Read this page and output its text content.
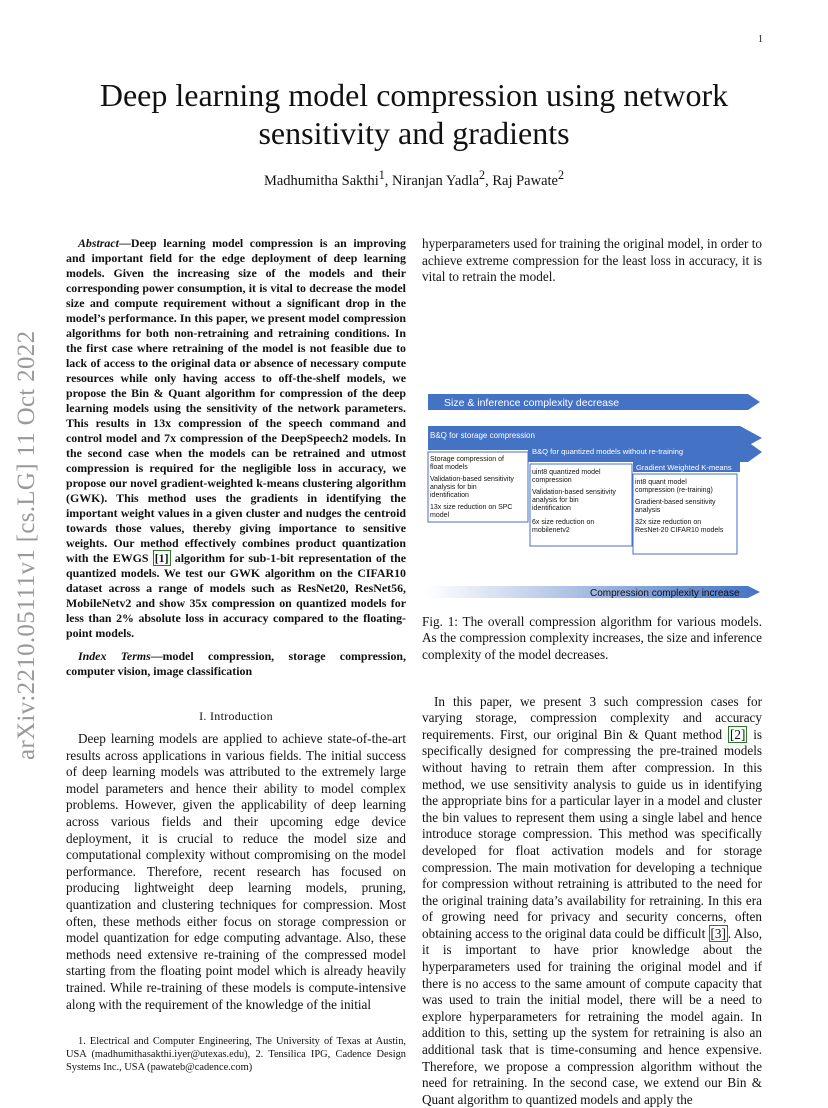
1
Deep learning model compression using network sensitivity and gradients
Madhumitha Sakthi$^1$, Niranjan Yadla$^2$, Raj Pawate$^2$
arXiv:2210.05111v1 [cs.LG] 11 Oct 2022
Abstract—Deep learning model compression is an improving and important field for the edge deployment of deep learning models. Given the increasing size of the models and their corresponding power consumption, it is vital to decrease the model size and compute requirement without a significant drop in the model’s performance. In this paper, we present model compression algorithms for both non-retraining and retraining conditions. In the first case where retraining of the model is not feasible due to lack of access to the original data or absence of necessary compute resources while only having access to off-the-shelf models, we propose the Bin & Quant algorithm for compression of the deep learning models using the sensitivity of the network parameters. This results in 13x compression of the speech command and control model and 7x compression of the DeepSpeech2 models. In the second case when the models can be retrained and utmost compression is required for the negligible loss in accuracy, we propose our novel gradient-weighted k-means clustering algorithm (GWK). This method uses the gradients in identifying the important weight values in a given cluster and nudges the centroid towards those values, thereby giving importance to sensitive weights. Our method effectively combines product quantization with the EWGS [1] algorithm for sub-1-bit representation of the quantized models. We test our GWK algorithm on the CIFAR10 dataset across a range of models such as ResNet20, ResNet56, MobileNetv2 and show 35x compression on quantized models for less than 2% absolute loss in accuracy compared to the floating-point models.
Index Terms—model compression, storage compression, computer vision, image classification
I. Introduction
Deep learning models are applied to achieve state-of-the-art results across applications in various fields. The initial success of deep learning models was attributed to the extremely large model parameters and hence their ability to model complex problems. However, given the applicability of deep learning across various fields and their upcoming edge device deployment, it is crucial to reduce the model size and computational complexity without compromising on the model performance. Therefore, recent research has focused on producing lightweight deep learning models, pruning, quantization and clustering techniques for compression. Most often, these methods either focus on storage compression or model quantization for edge computing advantage. Also, these methods need extensive re-training of the compressed model starting from the floating point model which is already heavily trained. While re-training of these models is compute-intensive along with the requirement of the knowledge of the initial
1. Electrical and Computer Engineering, The University of Texas at Austin, USA (madhumithasakthi.iyer@utexas.edu), 2. Tensilica IPG, Cadence Design Systems Inc., USA (pawateb@cadence.com)
hyperparameters used for training the original model, in order to achieve extreme compression for the least loss in accuracy, it is vital to retrain the model.
Size & inference complexity decrease
B&Q for storage compression
B&Q for quantized models without re-training
Gradient Weighted K-means
Storage compression of
float models
Validation-based sensitivity
analysis for bin
identification
13x size reduction on SPC
model
uint8 quantized model
compression
Validation-based sensitivity
analysis for bin
identification
6x size reduction on
mobilenetv2
int8 quant model
compression (re-training)
Gradient-based sensitivity
analysis
32x size reduction on
ResNet-20 CIFAR10 models
Compression complexity increase
Fig. 1: The overall compression algorithm for various models. As the compression complexity increases, the size and inference complexity of the model decreases.
In this paper, we present 3 such compression cases for varying storage, compression complexity and accuracy requirements. First, our original Bin & Quant method [2] is specifically designed for compressing the pre-trained models without having to retrain them after compression. In this method, we use sensitivity analysis to guide us in identifying the appropriate bins for a particular layer in a model and cluster the bin values to represent them using a single label and hence introduce storage compression. This method was specifically developed for float activation models and for storage compression. The main motivation for developing a technique for compression without retraining is attributed to the need for the original training data’s availability for retraining. In this era of growing need for privacy and security concerns, often obtaining access to the original data could be difficult [3] . Also, it is important to have prior knowledge about the hyperparameters used for training the original model and if there is no access to the same amount of compute capacity that was used to train the initial model, there will be a need to explore hyperparameters for retraining the model again. In addition to this, setting up the system for retraining is also an additional task that is time-consuming and hence expensive. Therefore, we propose a compression algorithm without the need for retraining. In the second case, we extend our Bin & Quant algorithm to quantized models and apply the
